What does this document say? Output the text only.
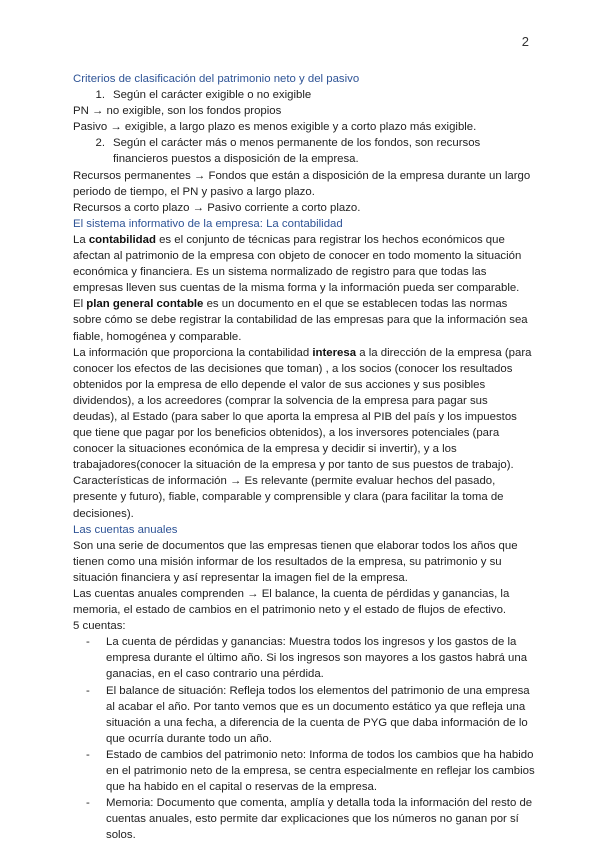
2

Criterios de clasificación del patrimonio neto y del pasivo

1. Según el carácter exigible o no exigible

PN → no exigible, son los fondos propios

Pasivo → exigible, a largo plazo es menos exigible y a corto plazo más exigible.

2. Según el carácter más o menos permanente de los fondos, son recursos financieros puestos a disposición de la empresa.

Recursos permanentes → Fondos que están a disposición de la empresa durante un largo periodo de tiempo, el PN y pasivo a largo plazo.

Recursos a corto plazo → Pasivo corriente a corto plazo.

El sistema informativo de la empresa: La contabilidad

La contabilidad es el conjunto de técnicas para registrar los hechos económicos que afectan al patrimonio de la empresa con objeto de conocer en todo momento la situación económica y financiera. Es un sistema normalizado de registro para que todas las empresas lleven sus cuentas de la misma forma y la información pueda ser comparable.

El plan general contable es un documento en el que se establecen todas las normas sobre cómo se debe registrar la contabilidad de las empresas para que la información sea fiable, homogénea y comparable.

La información que proporciona la contabilidad interesa a la dirección de la empresa (para conocer los efectos de las decisiones que toman) , a los socios (conocer los resultados obtenidos por la empresa de ello depende el valor de sus acciones y sus posibles dividendos), a los acreedores (comprar la solvencia de la empresa para pagar sus deudas), al Estado (para saber lo que aporta la empresa al PIB del país y los impuestos que tiene que pagar por los beneficios obtenidos), a los inversores potenciales (para conocer la situaciones económica de la empresa y decidir si invertir), y a los trabajadores(conocer la situación de la empresa y por tanto de sus puestos de trabajo).

Características de información → Es relevante (permite evaluar hechos del pasado, presente y futuro), fiable, comparable y comprensible y clara (para facilitar la toma de decisiones).

Las cuentas anuales

Son una serie de documentos que las empresas tienen que elaborar todos los años que tienen como una misión informar de los resultados de la empresa, su patrimonio y su situación financiera y así representar la imagen fiel de la empresa.

Las cuentas anuales comprenden → El balance, la cuenta de pérdidas y ganancias, la memoria, el estado de cambios en el patrimonio neto y el estado de flujos de efectivo.

5 cuentas:

-	La cuenta de pérdidas y ganancias: Muestra todos los ingresos y los gastos de la empresa durante el último año. Si los ingresos son mayores a los gastos habrá una ganacias, en el caso contrario una pérdida.
-	El balance de situación: Refleja todos los elementos del patrimonio de una empresa al acabar el año. Por tanto vemos que es un documento estático ya que refleja una situación a una fecha, a diferencia de la cuenta de PYG que daba información de lo que ocurría durante todo un año.
-	Estado de cambios del patrimonio neto: Informa de todos los cambios que ha habido en el patrimonio neto de la empresa, se centra especialmente en reflejar los cambios que ha habido en el capital o reservas de la empresa.
-	Memoria: Documento que comenta, amplía y detalla toda la información del resto de cuentas anuales, esto permite dar explicaciones que los números no ganan por sí solos.
